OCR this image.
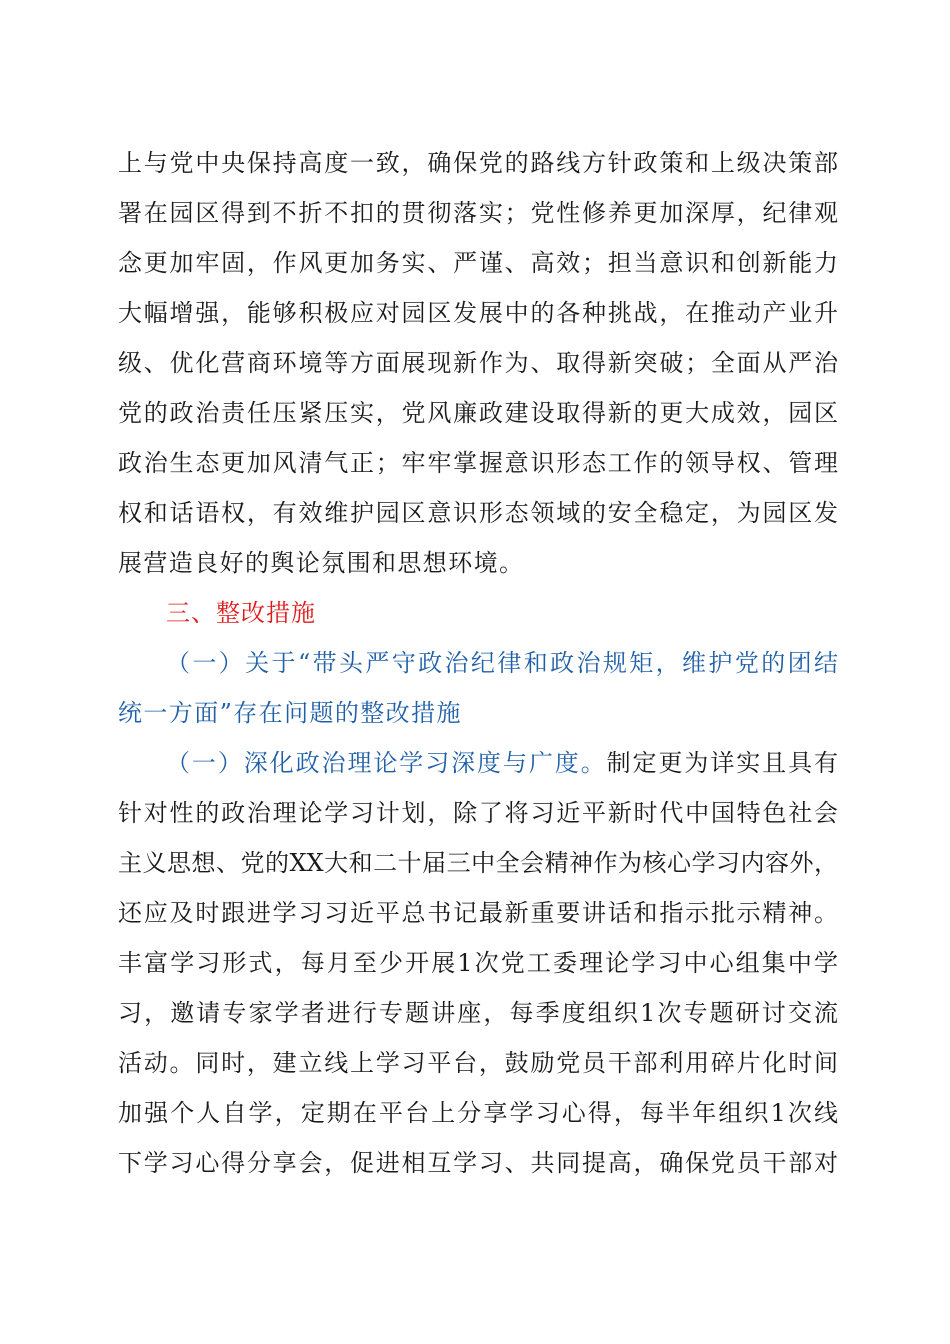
上与党中央保持高度一致，确保党的路线方针政策和上级决策部
署在园区得到不折不扣的贯彻落实；党性修养更加深厚，纪律观
念更加牢固，作风更加务实、严谨、高效；担当意识和创新能力
大幅增强，能够积极应对园区发展中的各种挑战，在推动产业升
级、优化营商环境等方面展现新作为、取得新突破；全面从严治
党的政治责任压紧压实，党风廉政建设取得新的更大成效，园区
政治生态更加风清气正；牢牢掌握意识形态工作的领导权、管理
权和话语权，有效维护园区意识形态领域的安全稳定，为园区发
展营造良好的舆论氛围和思想环境。
三、整改措施
（一）关于“带头严守政治纪律和政治规矩，维护党的团结
统一方面”存在问题的整改措施
（一）深化政治理论学习深度与广度。制定更为详实且具有
针对性的政治理论学习计划，除了将习近平新时代中国特色社会
主义思想、党的XX大和二十届三中全会精神作为核心学习内容外，
还应及时跟进学习习近平总书记最新重要讲话和指示批示精神。
丰富学习形式，每月至少开展1次党工委理论学习中心组集中学
习，邀请专家学者进行专题讲座，每季度组织1次专题研讨交流
活动。同时，建立线上学习平台，鼓励党员干部利用碎片化时间
加强个人自学，定期在平台上分享学习心得，每半年组织1次线
下学习心得分享会，促进相互学习、共同提高，确保党员干部对
